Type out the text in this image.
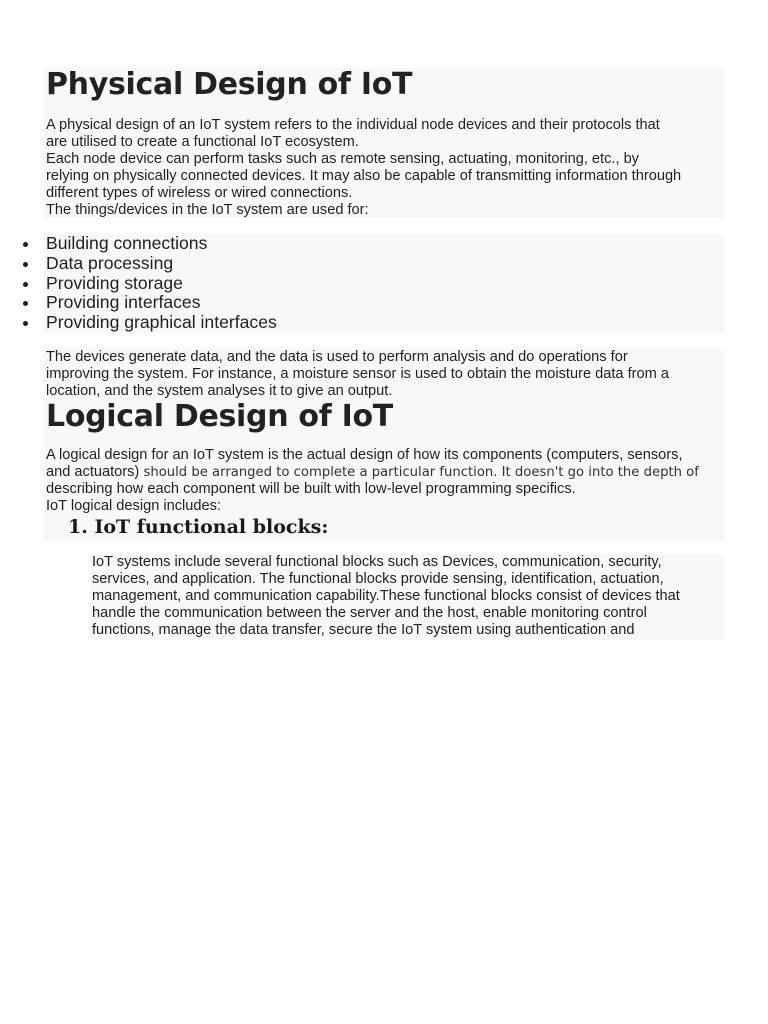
Physical Design of IoT

A physical design of an IoT system refers to the individual node devices and their protocols that
are utilised to create a functional IoT ecosystem.
Each node device can perform tasks such as remote sensing, actuating, monitoring, etc., by
relying on physically connected devices. It may also be capable of transmitting information through
different types of wireless or wired connections.
The things/devices in the IoT system are used for:

Building connections
Data processing
Providing storage
Providing interfaces
Providing graphical interfaces

The devices generate data, and the data is used to perform analysis and do operations for
improving the system. For instance, a moisture sensor is used to obtain the moisture data from a
location, and the system analyses it to give an output.

Logical Design of IoT

A logical design for an IoT system is the actual design of how its components (computers, sensors,
and actuators) should be arranged to complete a particular function. It doesn't go into the depth of
describing how each component will be built with low-level programming specifics.
IoT logical design includes:

1. IoT functional blocks:

IoT systems include several functional blocks such as Devices, communication, security,
services, and application. The functional blocks provide sensing, identification, actuation,
management, and communication capability.These functional blocks consist of devices that
handle the communication between the server and the host, enable monitoring control
functions, manage the data transfer, secure the IoT system using authentication and
